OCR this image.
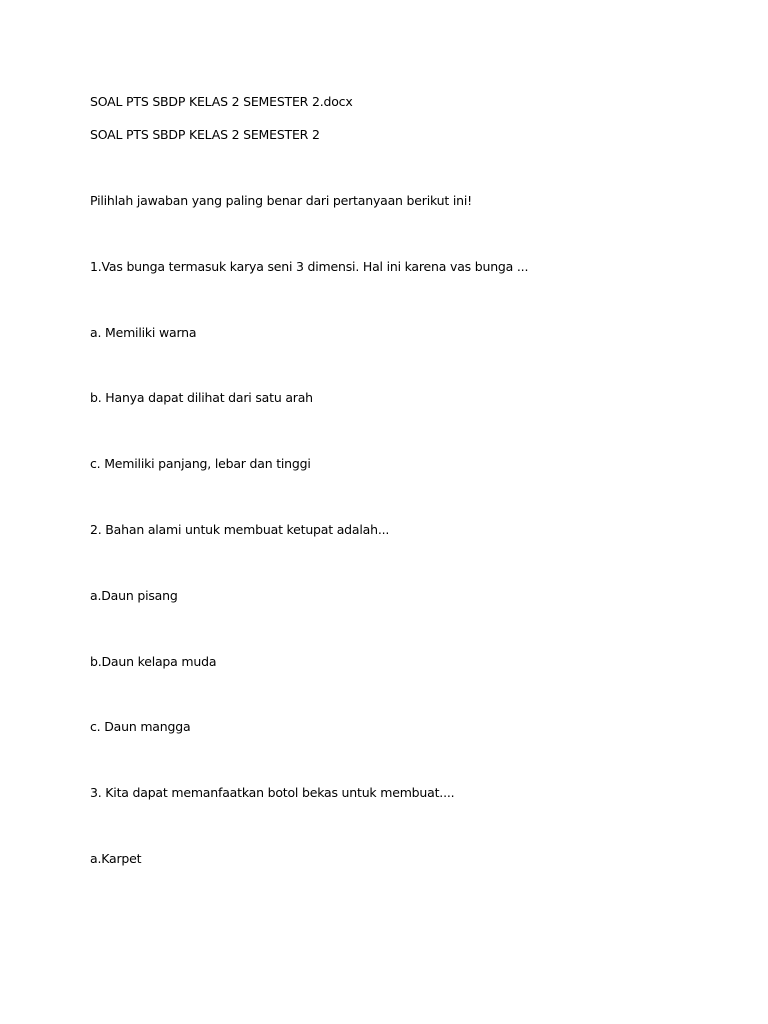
SOAL PTS SBDP KELAS 2 SEMESTER 2.docx

SOAL PTS SBDP KELAS 2 SEMESTER 2

Pilihlah jawaban yang paling benar dari pertanyaan berikut ini!

1.Vas bunga termasuk karya seni 3 dimensi. Hal ini karena vas bunga ...

a. Memiliki warna

b. Hanya dapat dilihat dari satu arah

c. Memiliki panjang, lebar dan tinggi

2. Bahan alami untuk membuat ketupat adalah...

a.Daun pisang

b.Daun kelapa muda

c. Daun mangga

3. Kita dapat memanfaatkan botol bekas untuk membuat....

a.Karpet
